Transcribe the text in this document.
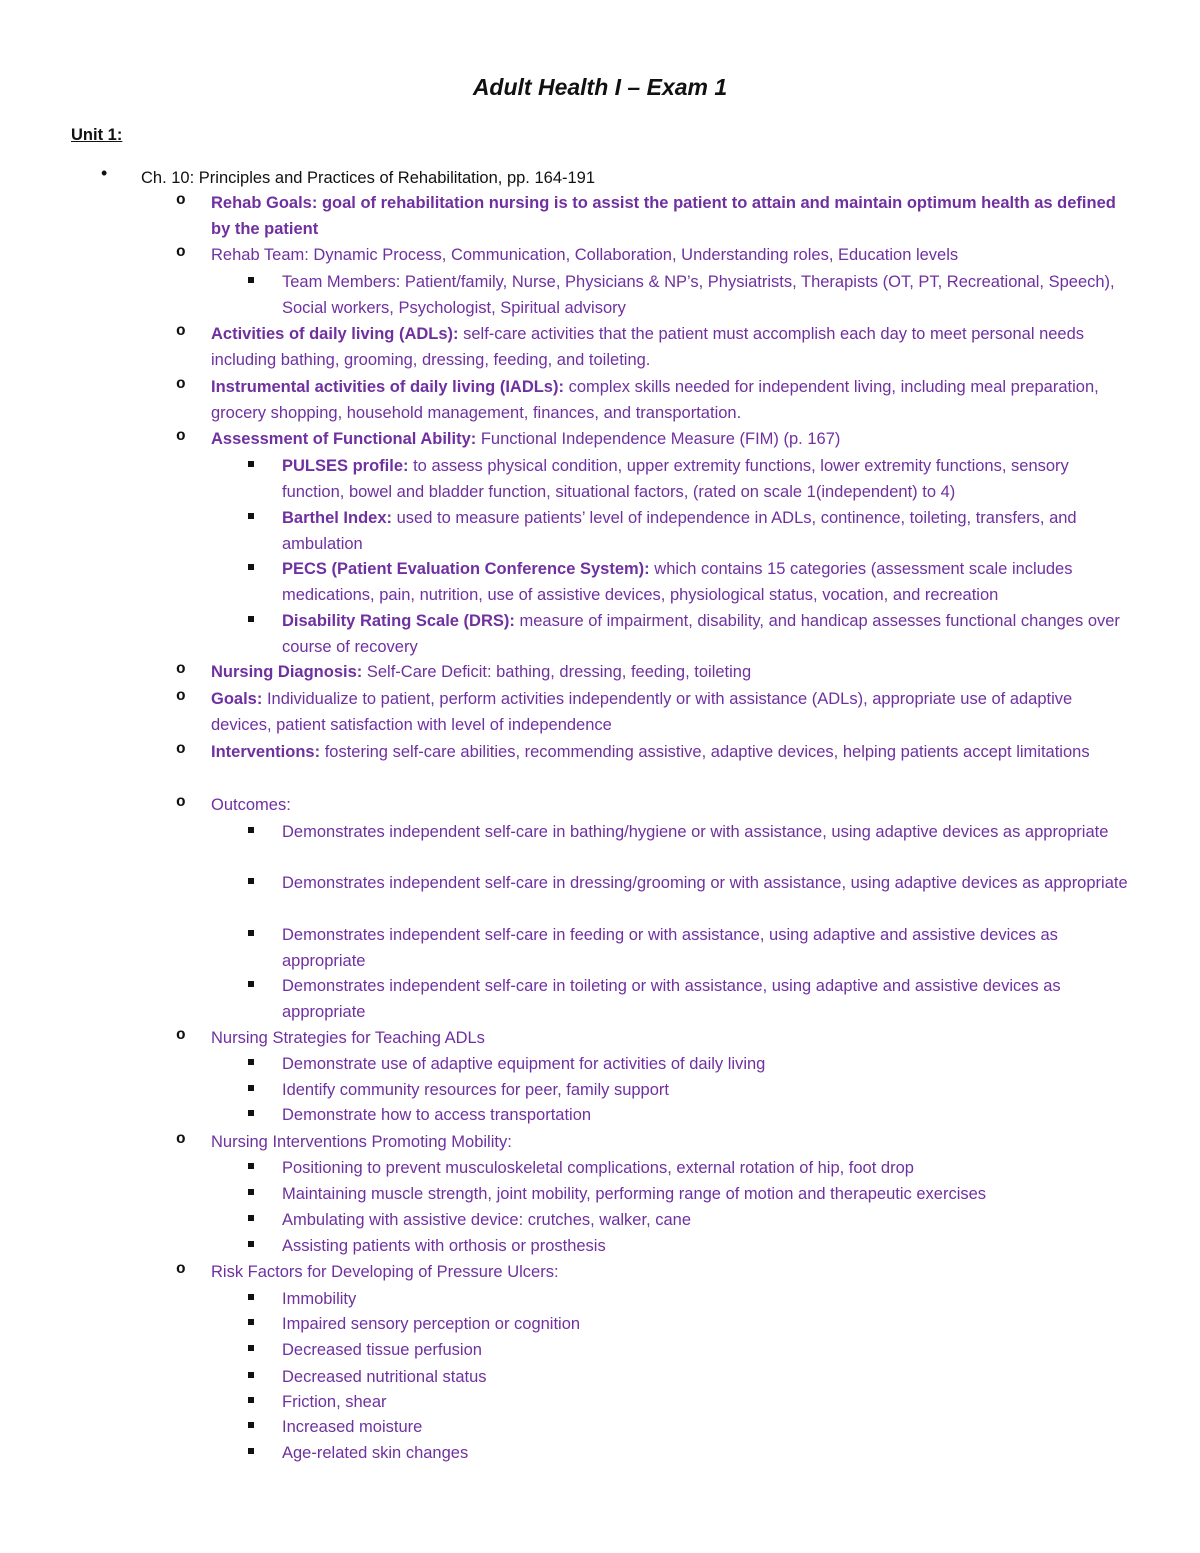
Adult Health I – Exam 1
Unit 1:
• Ch. 10: Principles and Practices of Rehabilitation, pp. 164-191
o Rehab Goals: goal of rehabilitation nursing is to assist the patient to attain and maintain optimum health as defined by the patient
o Rehab Team: Dynamic Process, Communication, Collaboration, Understanding roles, Education levels
Team Members: Patient/family, Nurse, Physicians & NP’s, Physiatrists, Therapists (OT, PT, Recreational, Speech), Social workers, Psychologist, Spiritual advisory
o Activities of daily living (ADLs): self-care activities that the patient must accomplish each day to meet personal needs including bathing, grooming, dressing, feeding, and toileting.
o Instrumental activities of daily living (IADLs): complex skills needed for independent living, including meal preparation, grocery shopping, household management, finances, and transportation.
o Assessment of Functional Ability: Functional Independence Measure (FIM) (p. 167)
PULSES profile: to assess physical condition, upper extremity functions, lower extremity functions, sensory function, bowel and bladder function, situational factors, (rated on scale 1(independent) to 4)
Barthel Index: used to measure patients’ level of independence in ADLs, continence, toileting, transfers, and ambulation
PECS (Patient Evaluation Conference System): which contains 15 categories (assessment scale includes medications, pain, nutrition, use of assistive devices, physiological status, vocation, and recreation
Disability Rating Scale (DRS): measure of impairment, disability, and handicap assesses functional changes over course of recovery
o Nursing Diagnosis: Self-Care Deficit: bathing, dressing, feeding, toileting
o Goals: Individualize to patient, perform activities independently or with assistance (ADLs), appropriate use of adaptive devices, patient satisfaction with level of independence
o Interventions: fostering self-care abilities, recommending assistive, adaptive devices, helping patients accept limitations
o Outcomes:
Demonstrates independent self-care in bathing/hygiene or with assistance, using adaptive devices as appropriate
Demonstrates independent self-care in dressing/grooming or with assistance, using adaptive devices as appropriate
Demonstrates independent self-care in feeding or with assistance, using adaptive and assistive devices as appropriate
Demonstrates independent self-care in toileting or with assistance, using adaptive and assistive devices as appropriate
o Nursing Strategies for Teaching ADLs
Demonstrate use of adaptive equipment for activities of daily living
Identify community resources for peer, family support
Demonstrate how to access transportation
o Nursing Interventions Promoting Mobility:
Positioning to prevent musculoskeletal complications, external rotation of hip, foot drop
Maintaining muscle strength, joint mobility, performing range of motion and therapeutic exercises
Ambulating with assistive device: crutches, walker, cane
Assisting patients with orthosis or prosthesis
o Risk Factors for Developing of Pressure Ulcers:
Immobility
Impaired sensory perception or cognition
Decreased tissue perfusion
Decreased nutritional status
Friction, shear
Increased moisture
Age-related skin changes
